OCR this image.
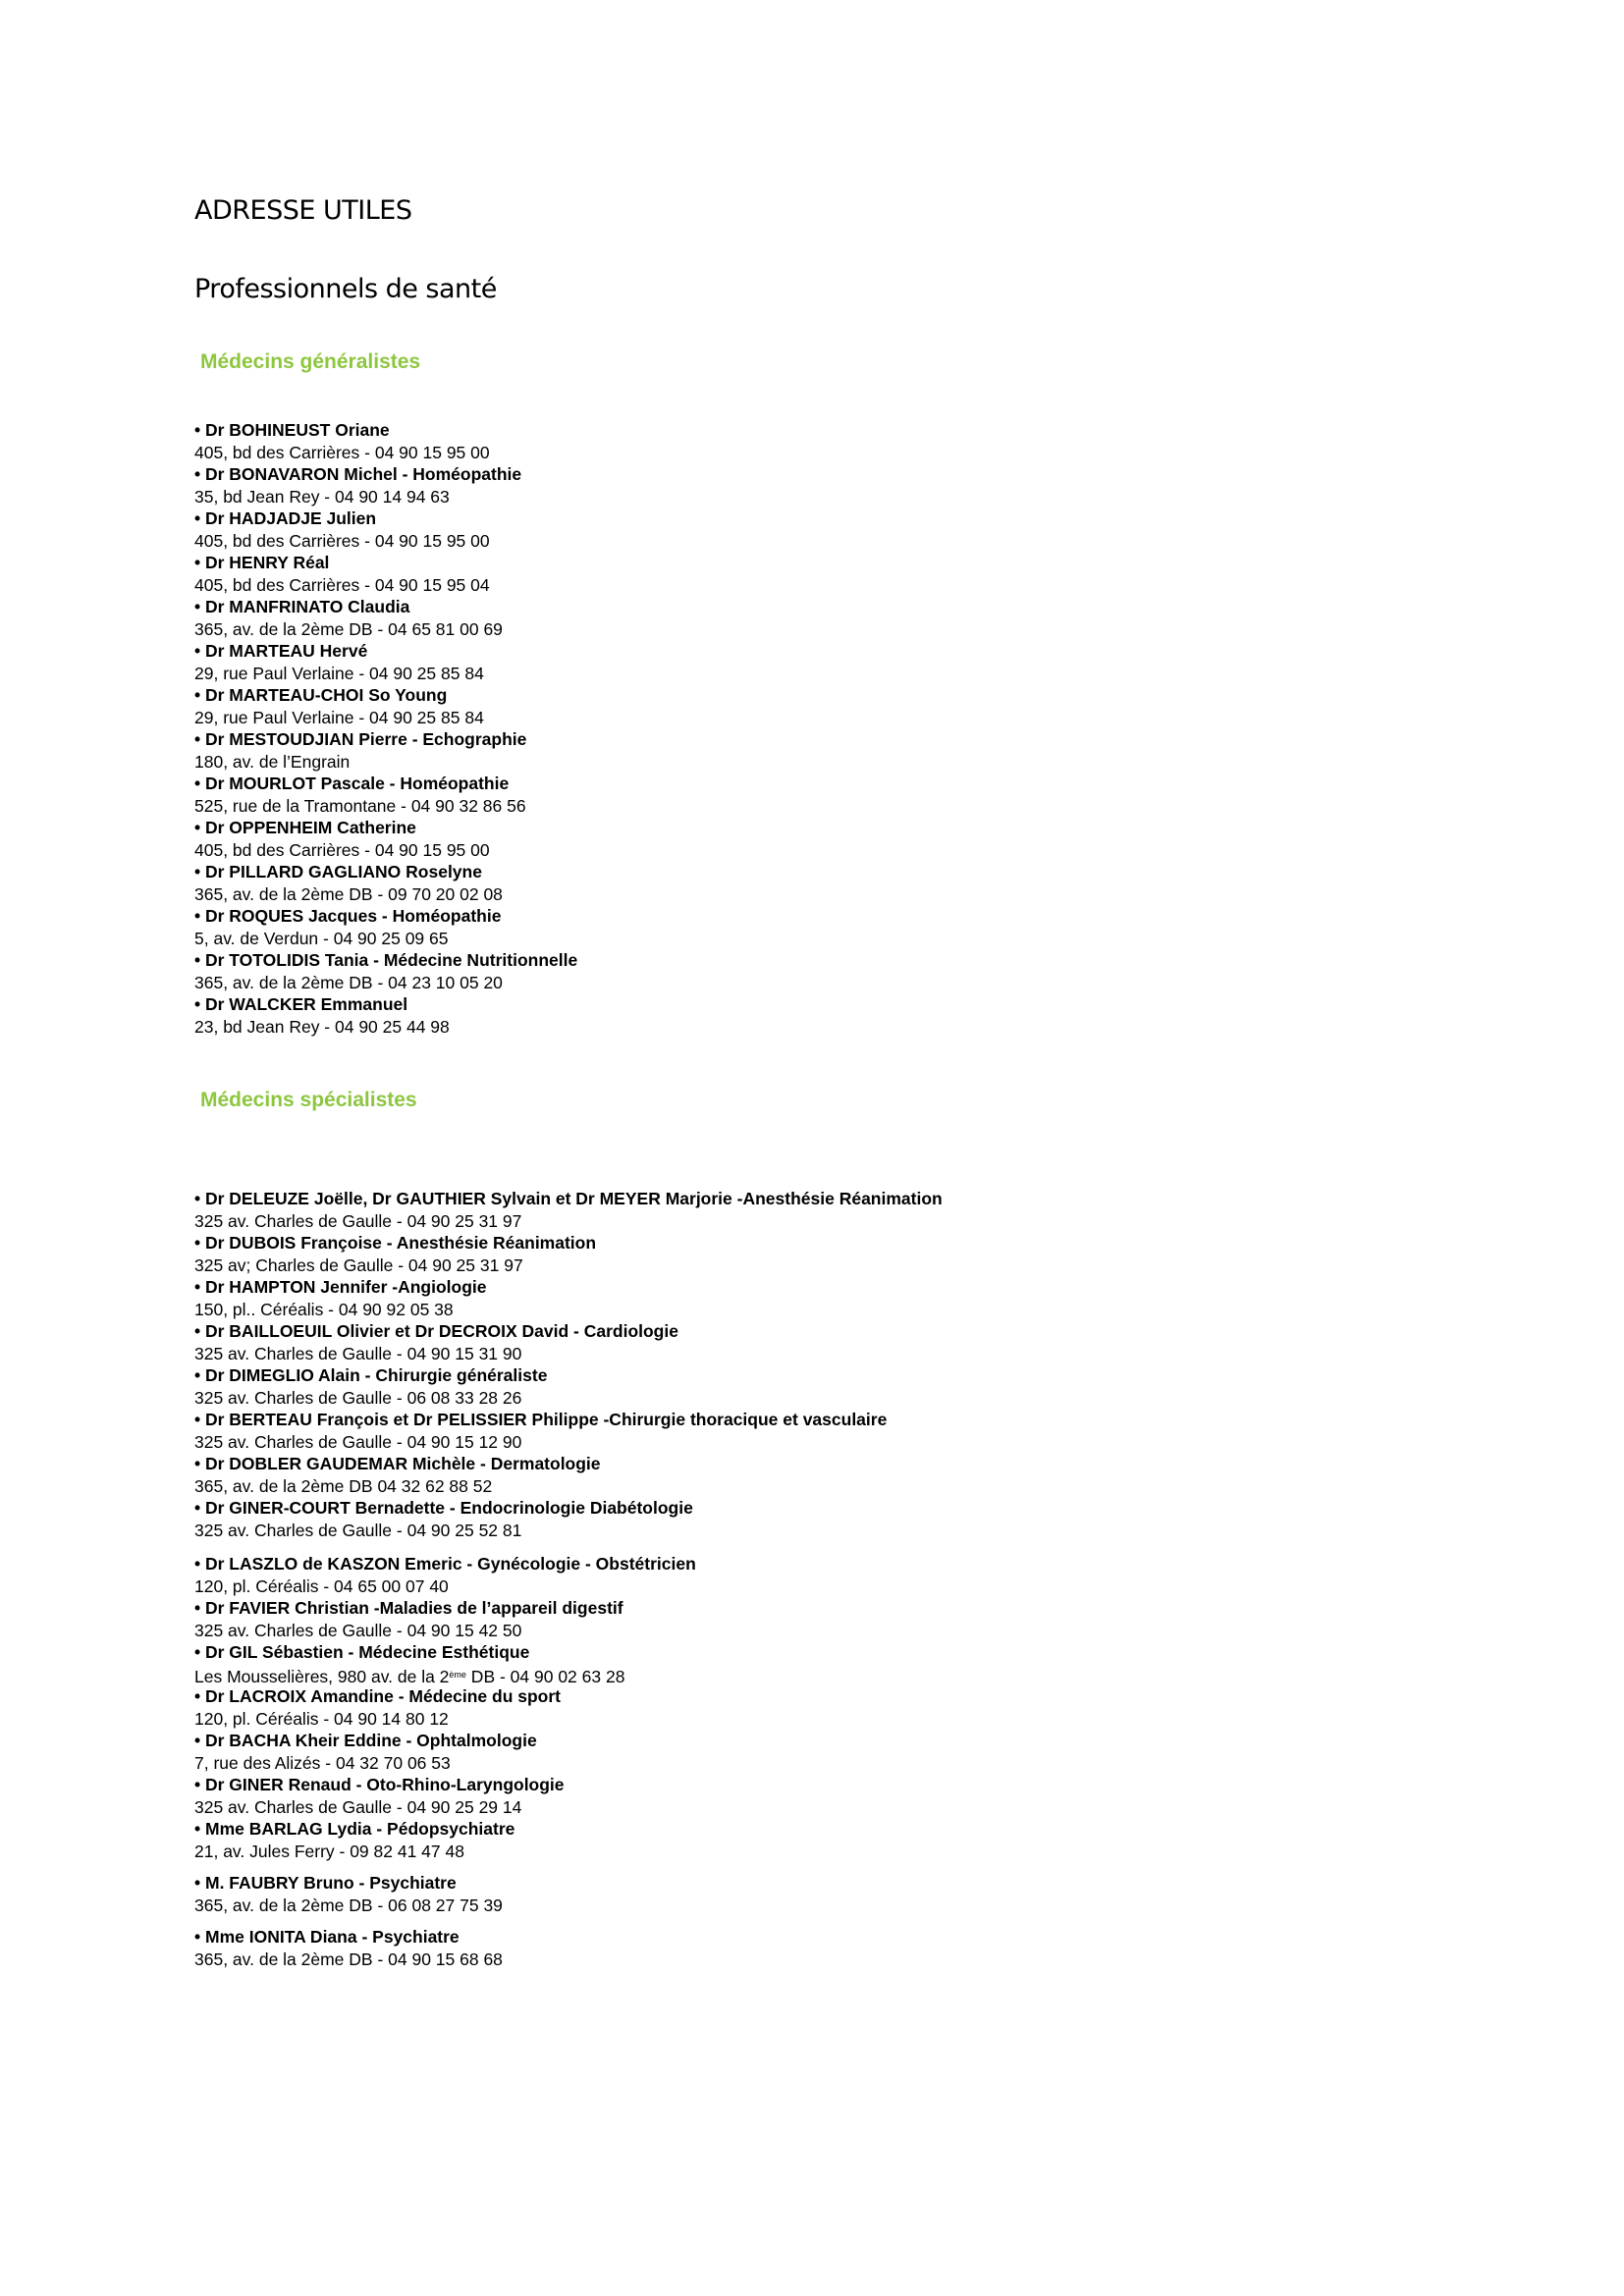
ADRESSE UTILES
Professionnels de santé
Médecins généralistes
• Dr BOHINEUST Oriane
405, bd des Carrières - 04 90 15 95 00
• Dr BONAVARON Michel - Homéopathie
35, bd Jean Rey - 04 90 14 94 63
• Dr HADJADJE Julien
405, bd des Carrières - 04 90 15 95 00
• Dr HENRY Réal
405, bd des Carrières - 04 90 15 95 04
• Dr MANFRINATO Claudia
365, av. de la 2ème DB - 04 65 81 00 69
• Dr MARTEAU Hervé
29, rue Paul Verlaine - 04 90 25 85 84
• Dr MARTEAU-CHOI So Young
29, rue Paul Verlaine - 04 90 25 85 84
• Dr MESTOUDJIAN Pierre - Echographie
180, av. de l’Engrain
• Dr MOURLOT Pascale - Homéopathie
525, rue de la Tramontane - 04 90 32 86 56
• Dr OPPENHEIM Catherine
405, bd des Carrières - 04 90 15 95 00
• Dr PILLARD GAGLIANO Roselyne
365, av. de la 2ème DB - 09 70 20 02 08
• Dr ROQUES Jacques - Homéopathie
5, av. de Verdun - 04 90 25 09 65
• Dr TOTOLIDIS Tania - Médecine Nutritionnelle
365, av. de la 2ème DB - 04 23 10 05 20
• Dr WALCKER Emmanuel
23, bd Jean Rey - 04 90 25 44 98
Médecins spécialistes
• Dr DELEUZE Joëlle, Dr GAUTHIER Sylvain et Dr MEYER Marjorie -Anesthésie Réanimation
325 av. Charles de Gaulle - 04 90 25 31 97
• Dr DUBOIS Françoise - Anesthésie Réanimation
325 av; Charles de Gaulle - 04 90 25 31 97
• Dr HAMPTON Jennifer -Angiologie
150, pl.. Céréalis - 04 90 92 05 38
• Dr BAILLOEUIL Olivier et Dr DECROIX David - Cardiologie
325 av. Charles de Gaulle - 04 90 15 31 90
• Dr DIMEGLIO Alain - Chirurgie généraliste
325 av. Charles de Gaulle - 06 08 33 28 26
• Dr BERTEAU François et Dr PELISSIER Philippe -Chirurgie thoracique et vasculaire
325 av. Charles de Gaulle - 04 90 15 12 90
• Dr DOBLER GAUDEMAR Michèle - Dermatologie
365, av. de la 2ème DB 04 32 62 88 52
• Dr GINER-COURT Bernadette - Endocrinologie Diabétologie
325 av. Charles de Gaulle - 04 90 25 52 81
• Dr LASZLO de KASZON Emeric - Gynécologie - Obstétricien
120, pl. Céréalis - 04 65 00 07 40
• Dr FAVIER Christian -Maladies de l’appareil digestif
325 av. Charles de Gaulle - 04 90 15 42 50
• Dr GIL Sébastien - Médecine Esthétique
Les Mousselières, 980 av. de la 2ème DB - 04 90 02 63 28
• Dr LACROIX Amandine - Médecine du sport
120, pl. Céréalis - 04 90 14 80 12
• Dr BACHA Kheir Eddine - Ophtalmologie
7, rue des Alizés - 04 32 70 06 53
• Dr GINER Renaud - Oto-Rhino-Laryngologie
325 av. Charles de Gaulle - 04 90 25 29 14
• Mme BARLAG Lydia - Pédopsychiatre
21, av. Jules Ferry - 09 82 41 47 48
• M. FAUBRY Bruno - Psychiatre
365, av. de la 2ème DB - 06 08 27 75 39
• Mme IONITA Diana - Psychiatre
365, av. de la 2ème DB - 04 90 15 68 68
